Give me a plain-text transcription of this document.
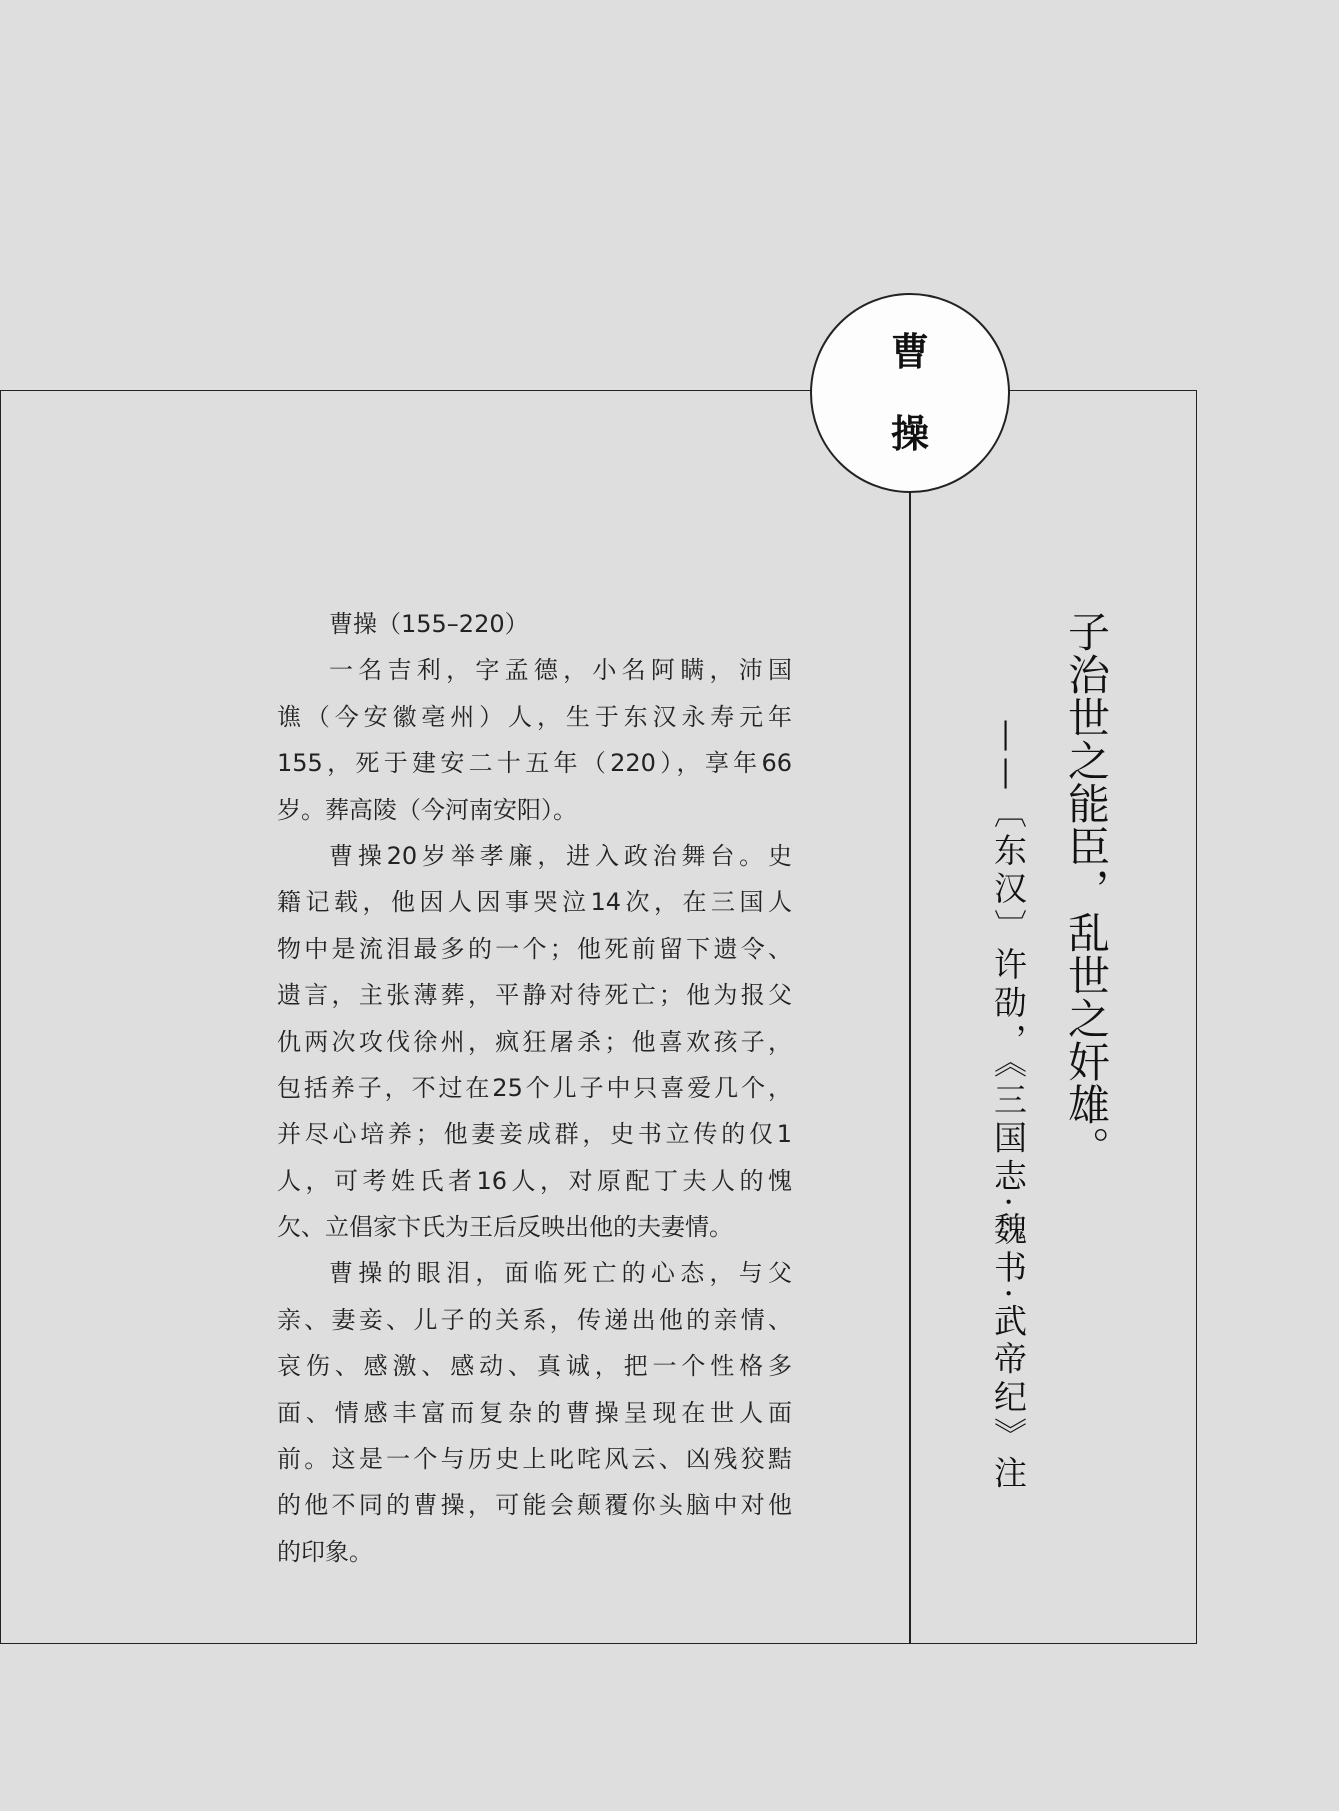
曹
操
曹操（155–220）
一名吉利，字孟德，小名阿瞒，沛国
谯（今安徽亳州）人，生于东汉永寿元年
155，死于建安二十五年（220），享年66
岁。葬高陵（今河南安阳）。
曹操20岁举孝廉，进入政治舞台。史
籍记载，他因人因事哭泣14次，在三国人
物中是流泪最多的一个；他死前留下遗令、
遗言，主张薄葬，平静对待死亡；他为报父
仇两次攻伐徐州，疯狂屠杀；他喜欢孩子，
包括养子，不过在25个儿子中只喜爱几个，
并尽心培养；他妻妾成群，史书立传的仅1
人，可考姓氏者16人，对原配丁夫人的愧
欠、立倡家卞氏为王后反映出他的夫妻情。
曹操的眼泪，面临死亡的心态，与父
亲、妻妾、儿子的关系，传递出他的亲情、
哀伤、感激、感动、真诚，把一个性格多
面、情感丰富而复杂的曹操呈现在世人面
前。这是一个与历史上叱咤风云、凶残狡黠
的他不同的曹操，可能会颠覆你头脑中对他
的印象。
子治世之能臣，乱世之奸雄。
——〔东汉〕许劭，《三国志·魏书·武帝纪》注
